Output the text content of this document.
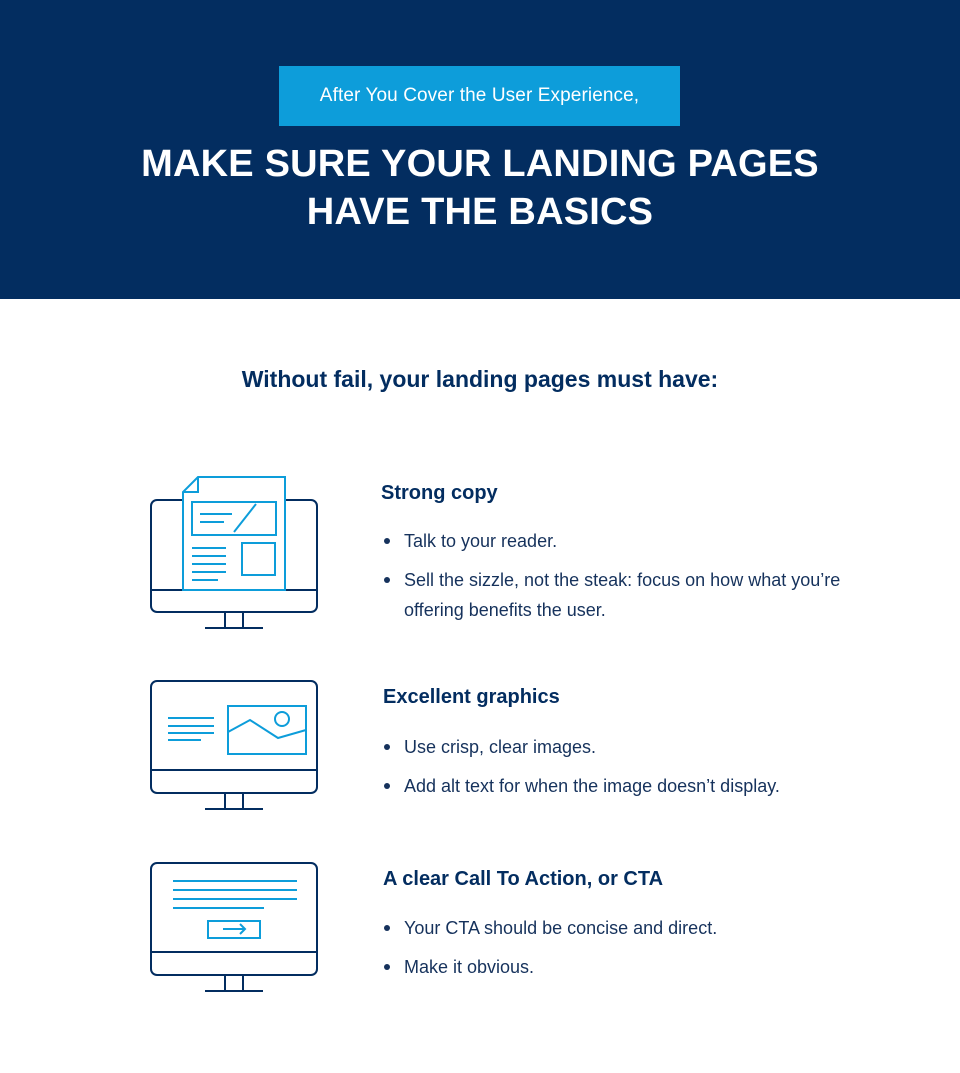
After You Cover the User Experience,
MAKE SURE YOUR LANDING PAGES
HAVE THE BASICS
Without fail, your landing pages must have:
Strong copy
Talk to your reader.
Sell the sizzle, not the steak: focus on how what you’re offering benefits the user.
Excellent graphics
Use crisp, clear images.
Add alt text for when the image doesn’t display.
A clear Call To Action, or CTA
Your CTA should be concise and direct.
Make it obvious.
